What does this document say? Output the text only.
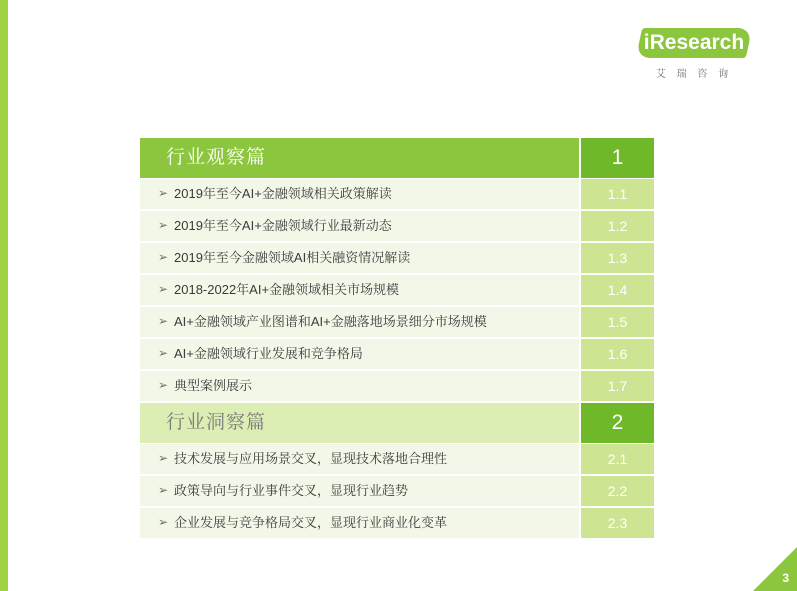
iResearch
艾 瑞 咨 询
行业观察篇	1
➢ 2019年至今AI+金融领域相关政策解读	1.1
➢ 2019年至今AI+金融领域行业最新动态	1.2
➢ 2019年至今金融领域AI相关融资情况解读	1.3
➢ 2018-2022年AI+金融领域相关市场规模	1.4
➢ AI+金融领域产业图谱和AI+金融落地场景细分市场规模	1.5
➢ AI+金融领域行业发展和竞争格局	1.6
➢ 典型案例展示	1.7
行业洞察篇	2
➢ 技术发展与应用场景交叉，显现技术落地合理性	2.1
➢ 政策导向与行业事件交叉，显现行业趋势	2.2
➢ 企业发展与竞争格局交叉，显现行业商业化变革	2.3
3
